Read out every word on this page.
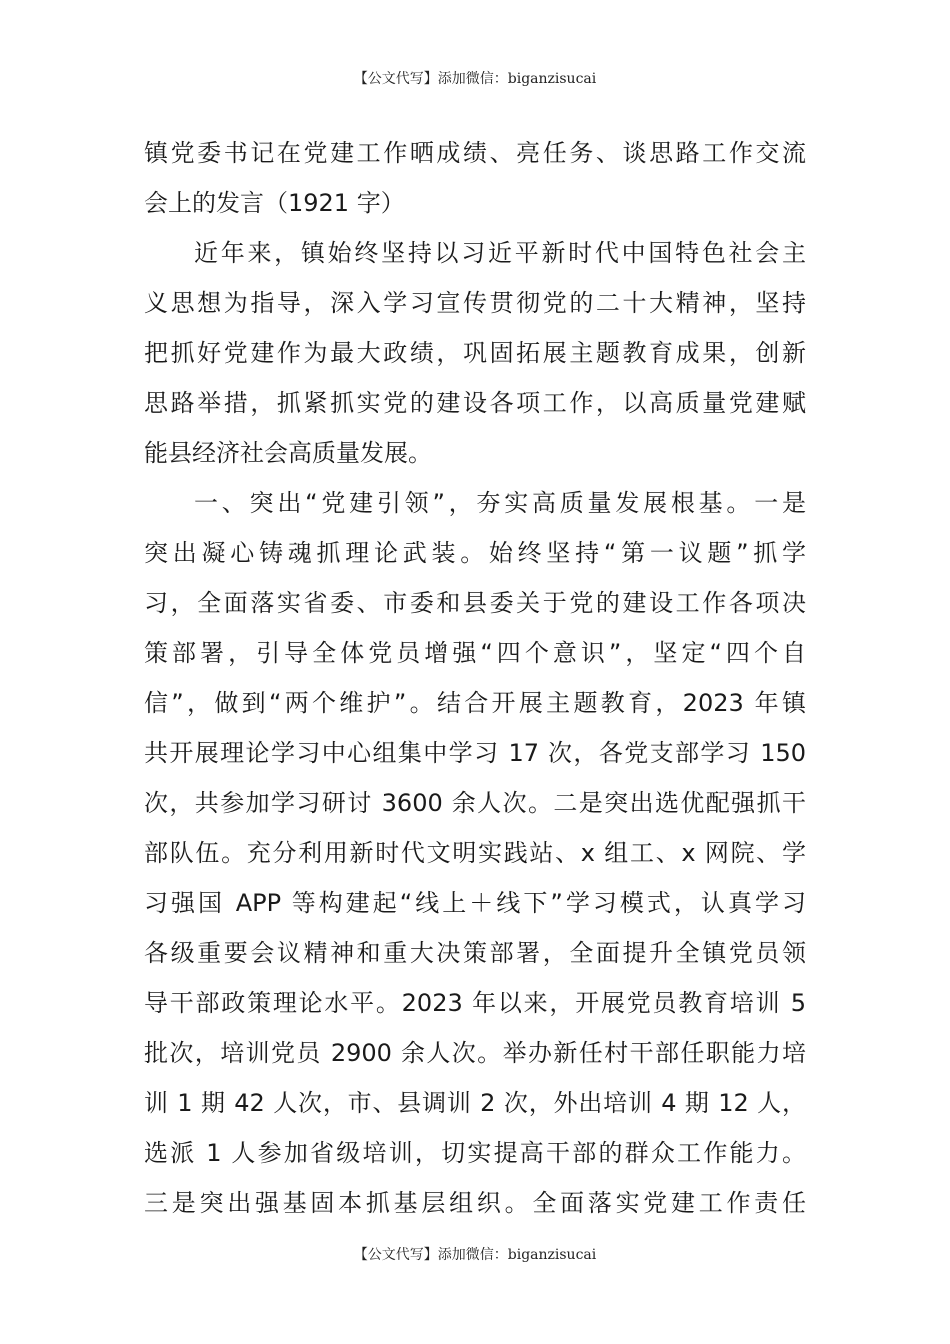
【公文代写】添加微信：biganzisucai
镇党委书记在党建工作晒成绩、亮任务、谈思路工作交流
会上的发言（1921 字）
近年来，镇始终坚持以习近平新时代中国特色社会主
义思想为指导，深入学习宣传贯彻党的二十大精神，坚持
把抓好党建作为最大政绩，巩固拓展主题教育成果，创新
思路举措，抓紧抓实党的建设各项工作，以高质量党建赋
能县经济社会高质量发展。
一、突出“党建引领”，夯实高质量发展根基。一是
突出凝心铸魂抓理论武装。始终坚持“第一议题”抓学
习，全面落实省委、市委和县委关于党的建设工作各项决
策部署，引导全体党员增强“四个意识”，坚定“四个自
信”，做到“两个维护”。结合开展主题教育，2023 年镇
共开展理论学习中心组集中学习 17 次，各党支部学习 150
次，共参加学习研讨 3600 余人次。二是突出选优配强抓干
部队伍。充分利用新时代文明实践站、x 组工、x 网院、学
习强国 APP 等构建起“线上＋线下”学习模式，认真学习
各级重要会议精神和重大决策部署，全面提升全镇党员领
导干部政策理论水平。2023 年以来，开展党员教育培训 5
批次，培训党员 2900 余人次。举办新任村干部任职能力培
训 1 期 42 人次，市、县调训 2 次，外出培训 4 期 12 人，
选派 1 人参加省级培训，切实提高干部的群众工作能力。
三是突出强基固本抓基层组织。全面落实党建工作责任
【公文代写】添加微信：biganzisucai
